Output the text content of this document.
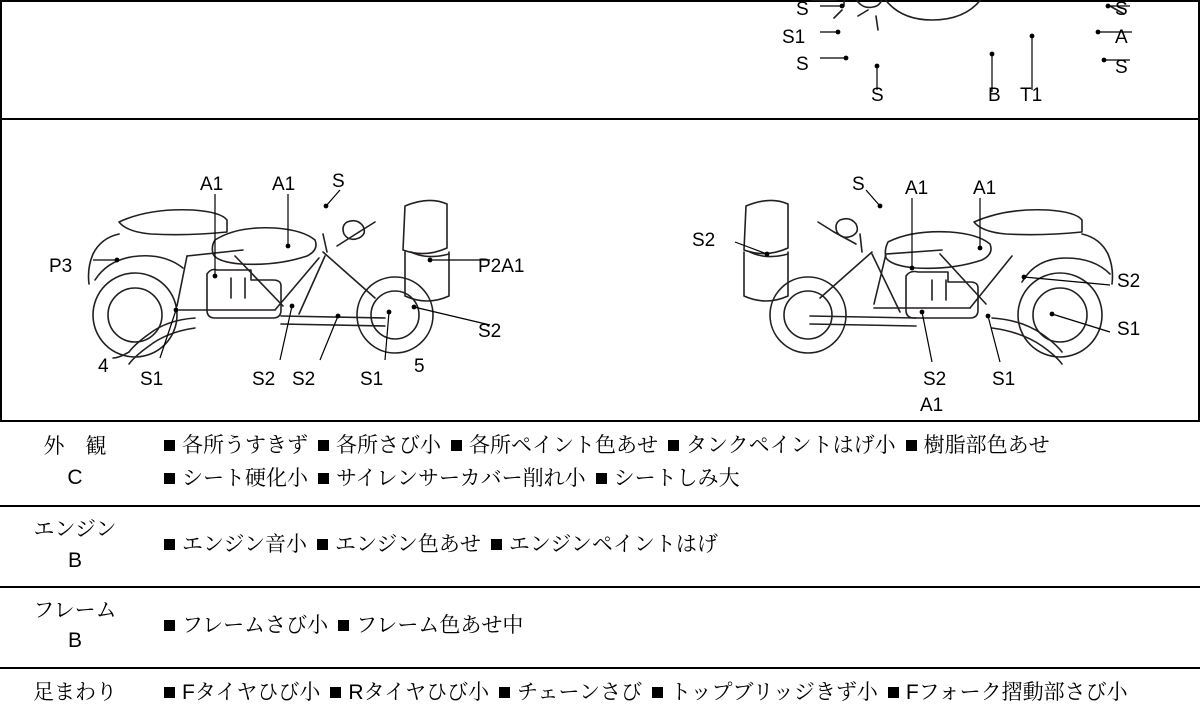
S
S1
S
S	B T1
S
A
S
A1	A1 S
P3	P2A1
S2
4
S1	S2 S2 S1
5
S A1 A1
S2
S2
S1
S2
A1
S1
外　観
C	各所うすきず 各所さび小 各所ペイント色あせ タンクペイントはげ小 樹脂部色あせシート硬化小 サイレンサーカバー削れ小 シートしみ大

エンジン
B	エンジン音小 エンジン色あせ エンジンペイントはげ

フレーム
B	フレームさび小 フレーム色あせ中

足まわり	Fタイヤひび小 Rタイヤひび小 チェーンさび トップブリッジきず小 Fフォーク摺動部さび小
